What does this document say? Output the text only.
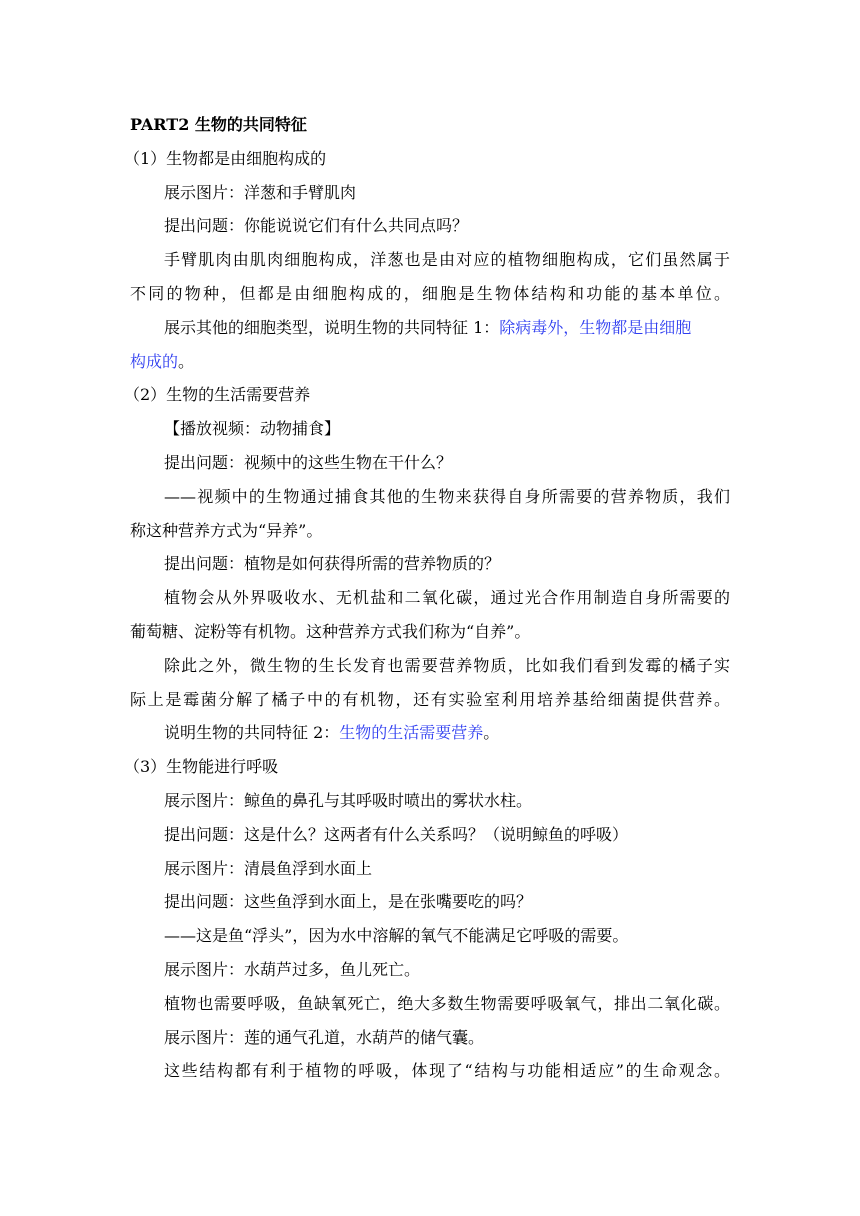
PART2 生物的共同特征
（1）生物都是由细胞构成的
展示图片：洋葱和手臂肌肉
提出问题：你能说说它们有什么共同点吗？
手臂肌肉由肌肉细胞构成，洋葱也是由对应的植物细胞构成，它们虽然属于
不同的物种，但都是由细胞构成的，细胞是生物体结构和功能的基本单位。
展示其他的细胞类型，说明生物的共同特征 1：除病毒外，生物都是由细胞
构成的。
（2）生物的生活需要营养
【播放视频：动物捕食】
提出问题：视频中的这些生物在干什么？
——视频中的生物通过捕食其他的生物来获得自身所需要的营养物质，我们
称这种营养方式为“异养”。
提出问题：植物是如何获得所需的营养物质的？
植物会从外界吸收水、无机盐和二氧化碳，通过光合作用制造自身所需要的
葡萄糖、淀粉等有机物。这种营养方式我们称为“自养”。
除此之外，微生物的生长发育也需要营养物质，比如我们看到发霉的橘子实
际上是霉菌分解了橘子中的有机物，还有实验室利用培养基给细菌提供营养。
说明生物的共同特征 2：生物的生活需要营养。
（3）生物能进行呼吸
展示图片：鲸鱼的鼻孔与其呼吸时喷出的雾状水柱。
提出问题：这是什么？这两者有什么关系吗？（说明鲸鱼的呼吸）
展示图片：清晨鱼浮到水面上
提出问题：这些鱼浮到水面上，是在张嘴要吃的吗？
——这是鱼“浮头”，因为水中溶解的氧气不能满足它呼吸的需要。
展示图片：水葫芦过多，鱼儿死亡。
植物也需要呼吸，鱼缺氧死亡，绝大多数生物需要呼吸氧气，排出二氧化碳。
展示图片：莲的通气孔道，水葫芦的储气囊。
这些结构都有利于植物的呼吸，体现了“结构与功能相适应”的生命观念。
